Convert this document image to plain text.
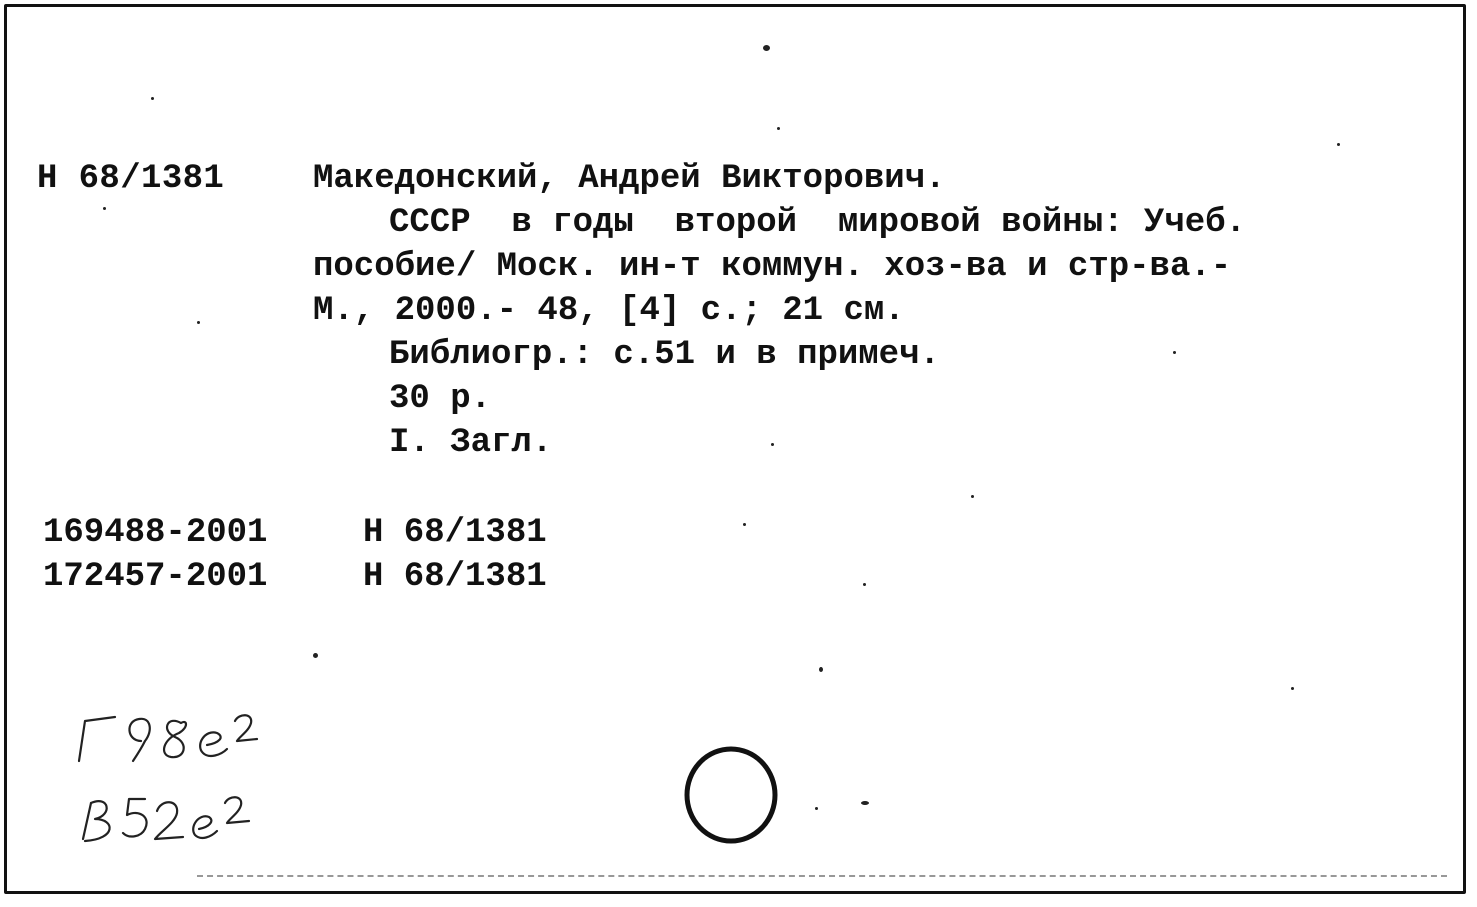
Н 68/1381	Македонский, Андрей Викторович.
СССР  в годы  второй  мировой войны: Учеб.
пособие/ Моск. ин-т коммун. хоз-ва и стр-ва.-
М., 2000.- 48, [4] с.; 21 см.
Библиогр.: с.51 и в примеч.
30 р.
I. Загл.
169488-2001	Н 68/1381
172457-2001	Н 68/1381
